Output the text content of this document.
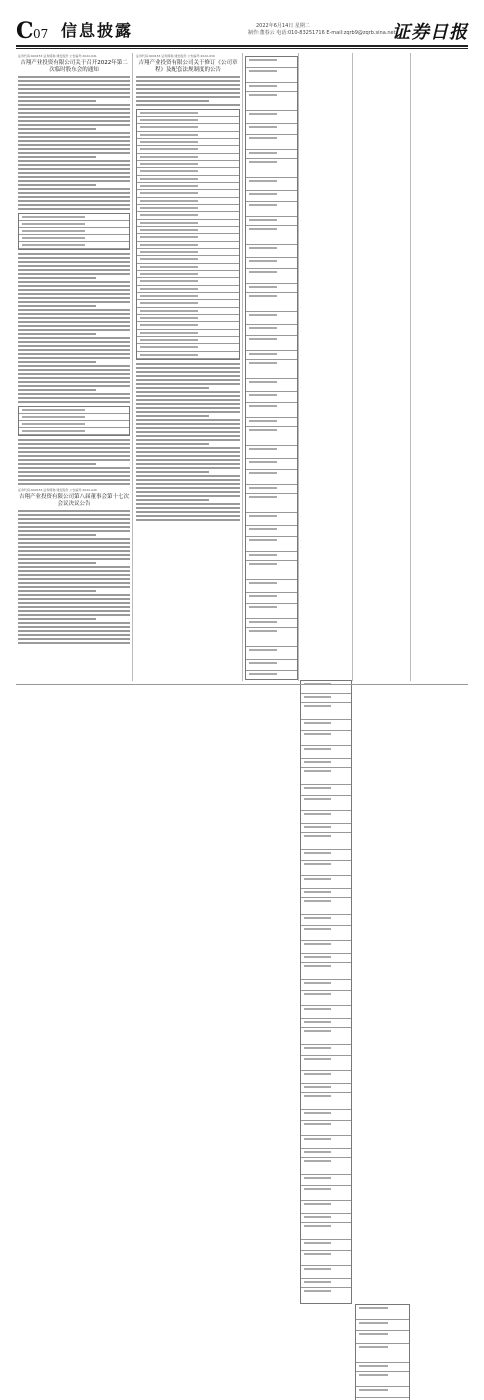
C 07 信息披露	2022年6月14日 星期二
制作:董春云 电话:010-83251716 E-mail:zqrb9@zqrb.sina.net
证券日报
证券代码:600153 证券简称:建发股份 公告编号:2022-041
吉翔产业投资有限公司关于召开2022年第二次临时股东会的通知
证券代码:600153 证券简称:建发股份 公告编号:2022-040
吉翔产业投资有限公司第八届董事会第十七次会议决议公告
证券代码:600153 证券简称:建发股份 公告编号:2022-039
吉翔产业投资有限公司关于修订《公司章程》及配套法规制度的公告
